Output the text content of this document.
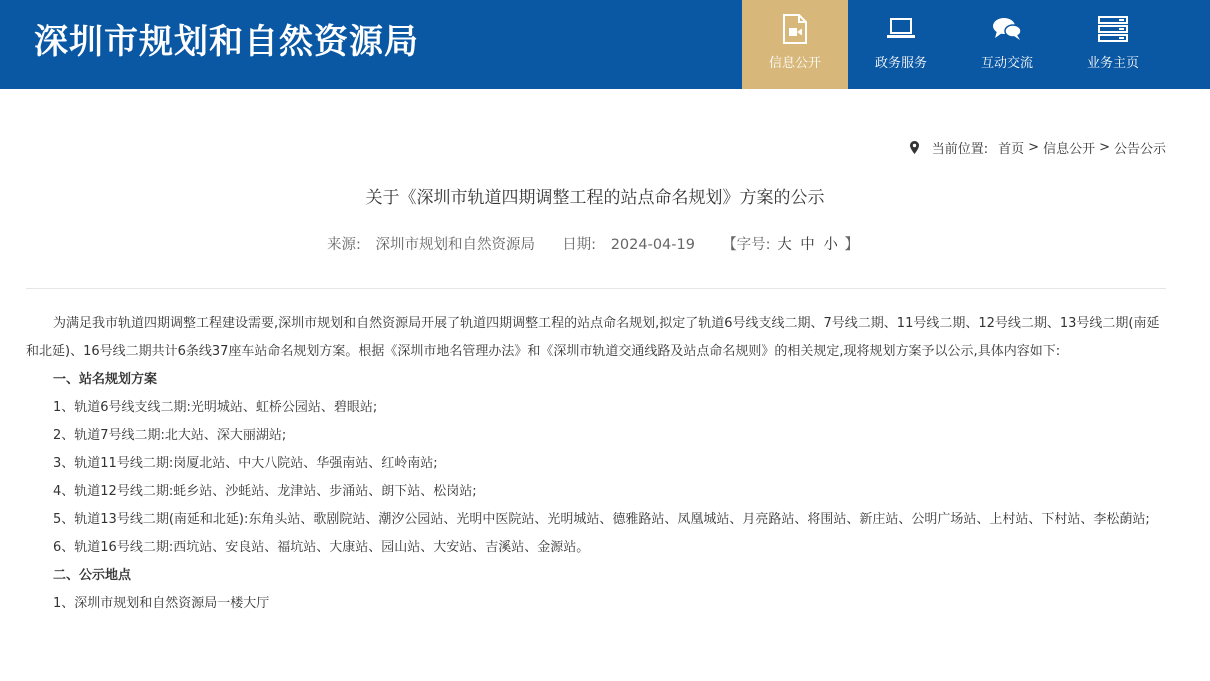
深圳市规划和自然资源局
信息公开	政务服务	互动交流	业务主页
当前位置: 首页 > 信息公开 > 公告公示
关于《深圳市轨道四期调整工程的站点命名规划》方案的公示
来源: 深圳市规划和自然资源局 日期: 2024-04-19 【字号: 大 中 小 】

为满足我市轨道四期调整工程建设需要,深圳市规划和自然资源局开展了轨道四期调整工程的站点命名规划,拟定了轨道6号线支线二期、7号线二期、11号线二期、12号线二期、13号线二期(南延和北延)、16号线二期共计6条线37座车站命名规划方案。根据《深圳市地名管理办法》和《深圳市轨道交通线路及站点命名规则》的相关规定,现将规划方案予以公示,具体内容如下:

一、站名规划方案

1、轨道6号线支线二期:光明城站、虹桥公园站、碧眼站;

2、轨道7号线二期:北大站、深大丽湖站;

3、轨道11号线二期:岗厦北站、中大八院站、华强南站、红岭南站;

4、轨道12号线二期:蚝乡站、沙蚝站、龙津站、步涌站、朗下站、松岗站;

5、轨道13号线二期(南延和北延):东角头站、歌剧院站、潮汐公园站、光明中医院站、光明城站、德雅路站、凤凰城站、月亮路站、将围站、新庄站、公明广场站、上村站、下村站、李松蓢站;

6、轨道16号线二期:西坑站、安良站、福坑站、大康站、园山站、大安站、吉溪站、金源站。

二、公示地点

1、深圳市规划和自然资源局一楼大厅
